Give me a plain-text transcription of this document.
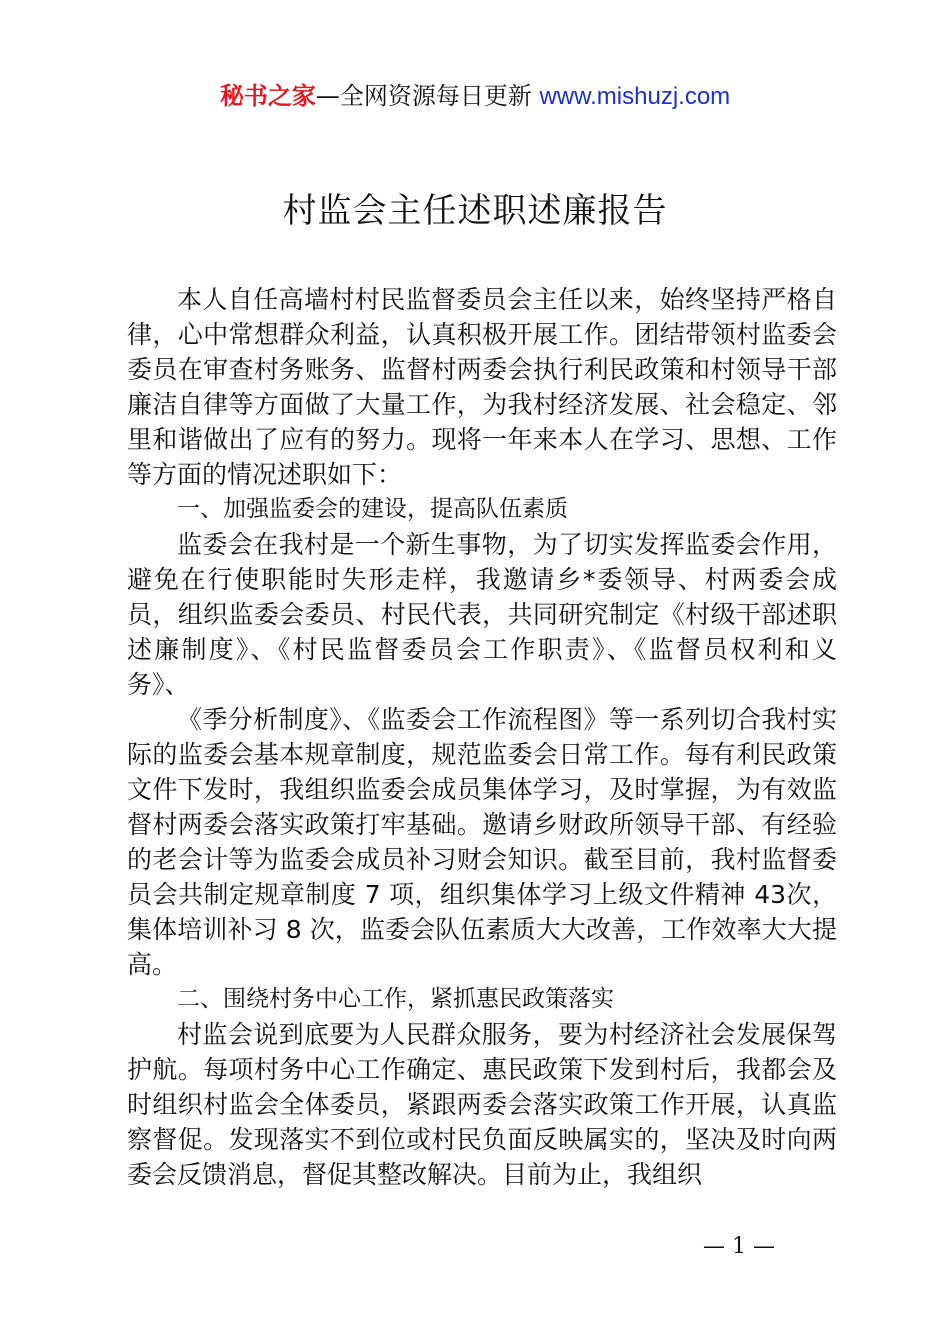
秘书之家—全网资源每日更新 www.mishuzj.com
村监会主任述职述廉报告

本人自任高墙村村民监督委员会主任以来，始终坚持严格自律，心中常想群众利益，认真积极开展工作。团结带领村监委会委员在审查村务账务、监督村两委会执行利民政策和村领导干部廉洁自律等方面做了大量工作，为我村经济发展、社会稳定、邻里和谐做出了应有的努力。现将一年来本人在学习、思想、工作等方面的情况述职如下：

一、加强监委会的建设，提高队伍素质

监委会在我村是一个新生事物，为了切实发挥监委会作用，避免在行使职能时失形走样，我邀请乡*委领导、村两委会成员，组织监委会委员、村民代表，共同研究制定《村级干部述职述廉制度》、《村民监督委员会工作职责》、《监督员权利和义务》、

《季分析制度》、《监委会工作流程图》等一系列切合我村实际的监委会基本规章制度，规范监委会日常工作。每有利民政策文件下发时，我组织监委会成员集体学习，及时掌握，为有效监督村两委会落实政策打牢基础。邀请乡财政所领导干部、有经验的老会计等为监委会成员补习财会知识。截至目前，我村监督委员会共制定规章制度 7 项，组织集体学习上级文件精神 43次，集体培训补习 8 次，监委会队伍素质大大改善，工作效率大大提高。

二、围绕村务中心工作，紧抓惠民政策落实

村监会说到底要为人民群众服务，要为村经济社会发展保驾护航。每项村务中心工作确定、惠民政策下发到村后，我都会及时组织村监会全体委员，紧跟两委会落实政策工作开展，认真监察督促。发现落实不到位或村民负面反映属实的，坚决及时向两委会反馈消息，督促其整改解决。目前为止，我组织

— 1 —
